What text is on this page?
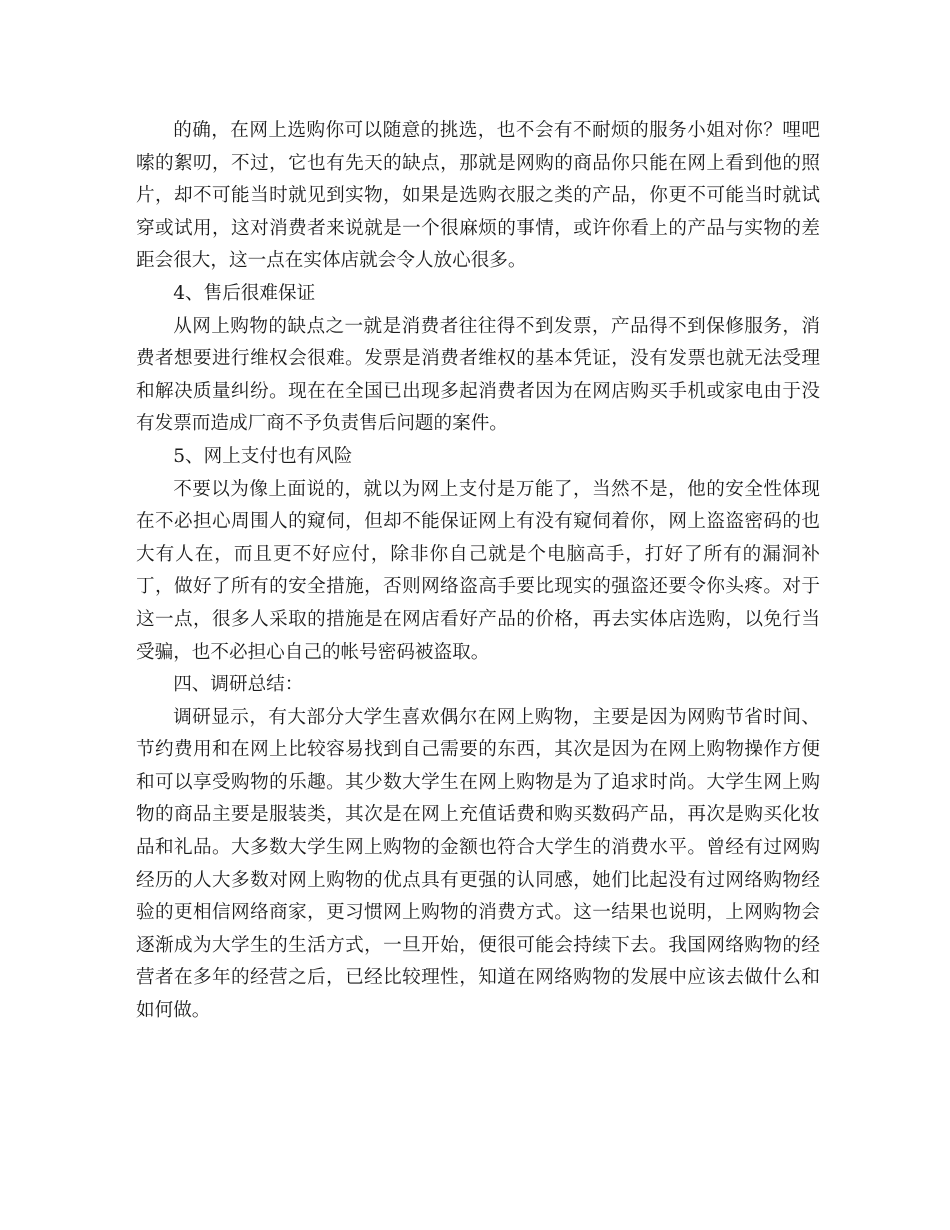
的确，在网上选购你可以随意的挑选，也不会有不耐烦的服务小姐对你？哩吧嗦的絮叨，不过，它也有先天的缺点，那就是网购的商品你只能在网上看到他的照片，却不可能当时就见到实物，如果是选购衣服之类的产品，你更不可能当时就试穿或试用，这对消费者来说就是一个很麻烦的事情，或许你看上的产品与实物的差距会很大，这一点在实体店就会令人放心很多。

4、售后很难保证

从网上购物的缺点之一就是消费者往往得不到发票，产品得不到保修服务，消费者想要进行维权会很难。发票是消费者维权的基本凭证，没有发票也就无法受理和解决质量纠纷。现在在全国已出现多起消费者因为在网店购买手机或家电由于没有发票而造成厂商不予负责售后问题的案件。

5、网上支付也有风险

不要以为像上面说的，就以为网上支付是万能了，当然不是，他的安全性体现在不必担心周围人的窥伺，但却不能保证网上有没有窥伺着你，网上盗盗密码的也大有人在，而且更不好应付，除非你自己就是个电脑高手，打好了所有的漏洞补丁，做好了所有的安全措施，否则网络盗高手要比现实的强盗还要令你头疼。对于这一点，很多人采取的措施是在网店看好产品的价格，再去实体店选购，以免行当受骗，也不必担心自己的帐号密码被盗取。

四、调研总结：

调研显示，有大部分大学生喜欢偶尔在网上购物，主要是因为网购节省时间、节约费用和在网上比较容易找到自己需要的东西，其次是因为在网上购物操作方便和可以享受购物的乐趣。其少数大学生在网上购物是为了追求时尚。大学生网上购物的商品主要是服装类，其次是在网上充值话费和购买数码产品，再次是购买化妆品和礼品。大多数大学生网上购物的金额也符合大学生的消费水平。曾经有过网购经历的人大多数对网上购物的优点具有更强的认同感，她们比起没有过网络购物经验的更相信网络商家，更习惯网上购物的消费方式。这一结果也说明，上网购物会逐渐成为大学生的生活方式，一旦开始，便很可能会持续下去。我国网络购物的经营者在多年的经营之后，已经比较理性，知道在网络购物的发展中应该去做什么和如何做。
